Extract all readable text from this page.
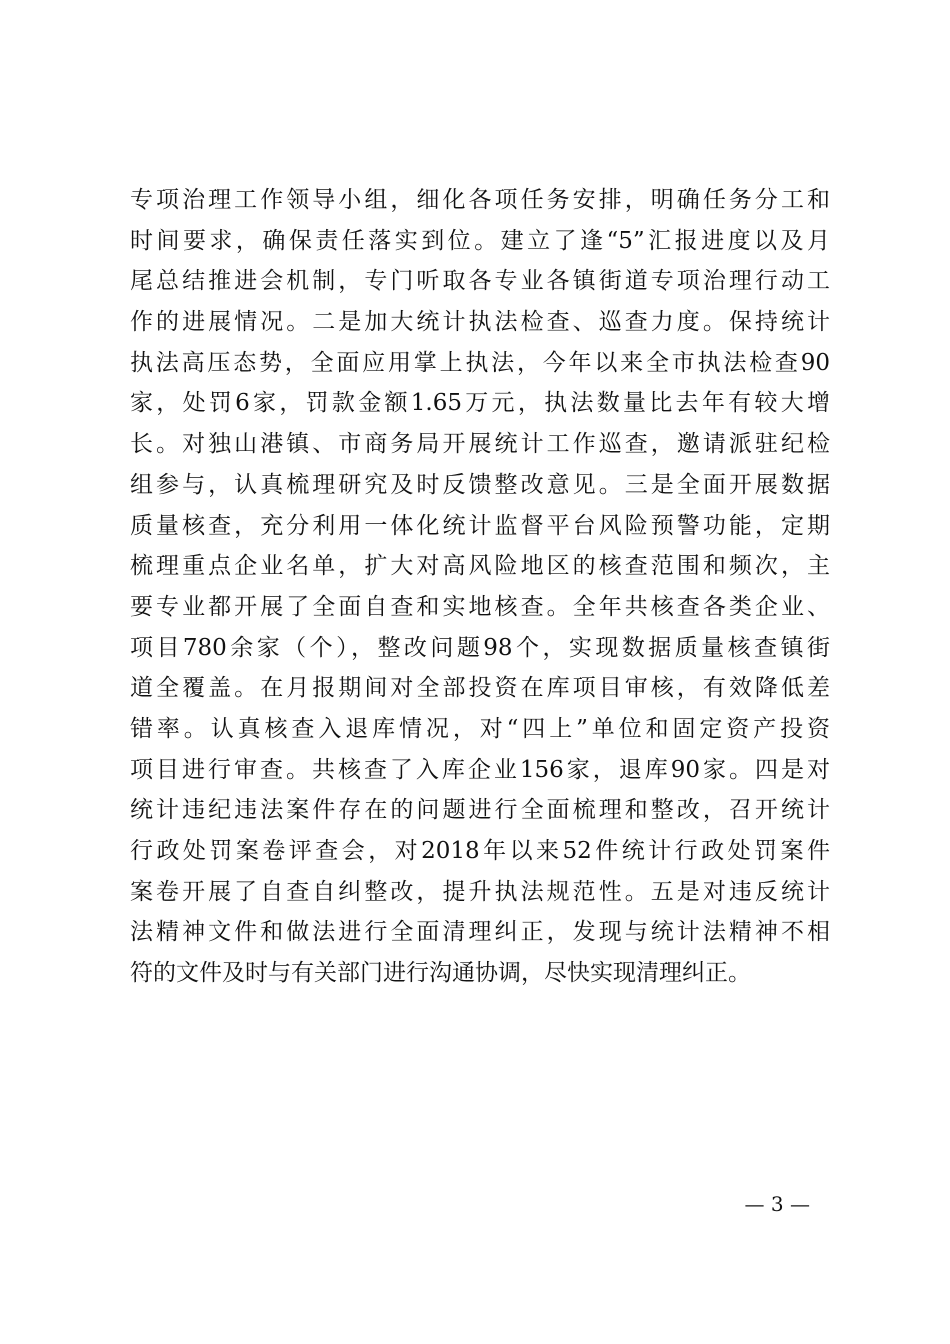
专项治理工作领导小组，细化各项任务安排，明确任务分工和

时间要求，确保责任落实到位。建立了逢“5”汇报进度以及月

尾总结推进会机制，专门听取各专业各镇街道专项治理行动工

作的进展情况。二是加大统计执法检查、巡查力度。保持统计

执法高压态势，全面应用掌上执法，今年以来全市执法检查90

家，处罚6家，罚款金额1.65万元，执法数量比去年有较大增

长。对独山港镇、市商务局开展统计工作巡查，邀请派驻纪检

组参与，认真梳理研究及时反馈整改意见。三是全面开展数据

质量核查，充分利用一体化统计监督平台风险预警功能，定期

梳理重点企业名单，扩大对高风险地区的核查范围和频次，主

要专业都开展了全面自查和实地核查。全年共核查各类企业、

项目780余家（个），整改问题98个，实现数据质量核查镇街

道全覆盖。在月报期间对全部投资在库项目审核，有效降低差

错率。认真核查入退库情况，对“四上”单位和固定资产投资

项目进行审查。共核查了入库企业156家，退库90家。四是对

统计违纪违法案件存在的问题进行全面梳理和整改，召开统计

行政处罚案卷评查会，对2018年以来52件统计行政处罚案件

案卷开展了自查自纠整改，提升执法规范性。五是对违反统计

法精神文件和做法进行全面清理纠正，发现与统计法精神不相

符的文件及时与有关部门进行沟通协调，尽快实现清理纠正。

— 3 —
